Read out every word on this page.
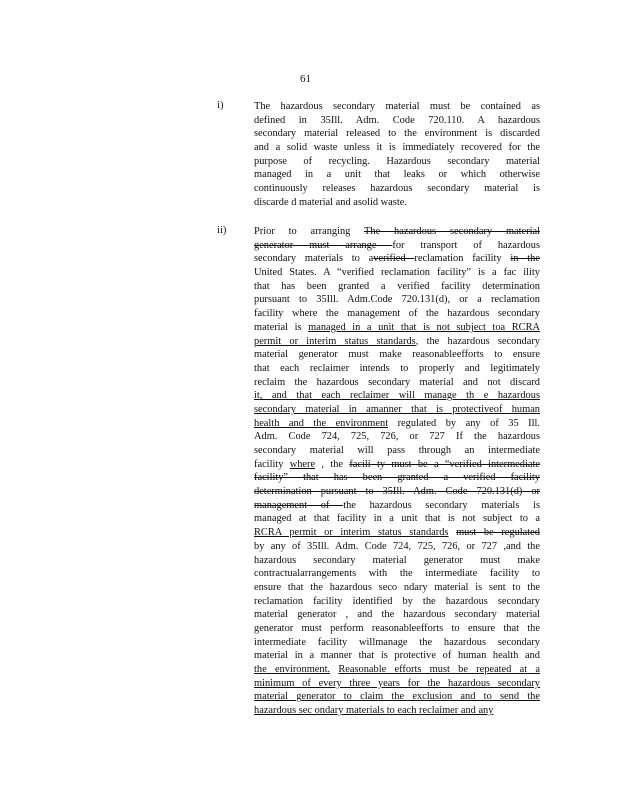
61
i)	The hazardous secondary material must be contained as
defined in 35Ill. Adm. Code 720.110. A hazardous
secondary material released to the environment is discarded
and a solid waste unless it is immediately recovered for the
purpose of recycling. Hazardous secondary material
managed in a unit that leaks or which otherwise
continuously releases hazardous secondary material is
discarde d material and asolid waste.
ii)	Prior to arranging The hazardous secondary material
generator must arrange for transport of hazardous
secondary materials to averified reclamation facility in the
United States. A “verified reclamation facility” is a fac ility
that has been granted a verified facility determination
pursuant to 35Ill. Adm.Code 720.131(d), or a reclamation
facility where the management of the hazardous secondary
material is managed in a unit that is not subject toa RCRA
permit or interim status standards, the hazardous secondary
material generator must make reasonableefforts to ensure
that each reclaimer intends to properly and legitimately
reclaim the hazardous secondary material and not discard
it, and that each reclaimer will manage th e hazardous
secondary material in amanner that is protectiveof human
health and the environment regulated by any of 35 Ill.
Adm. Code 724, 725, 726, or 727 If the hazardous
secondary material will pass through an intermediate
facility where , the facili ty must be a “verified intermediate
facility” that has been granted a verified facility
determination pursuant to 35Ill. Adm. Code 720.131(d) or
management of the hazardous secondary materials is
managed at that facility in a unit that is not subject to a
RCRA permit or interim status standards must be regulated
by any of 35Ill. Adm. Code 724, 725, 726, or 727 ,and the
hazardous secondary material generator must make
contractualarrangements with the intermediate facility to
ensure that the hazardous seco ndary material is sent to the
reclamation facility identified by the hazardous secondary
material generator , and the hazardous secondary material
generator must perform reasonableefforts to ensure that the
intermediate facility willmanage the hazardous secondary
material in a manner that is protective of human health and
the environment. Reasonable efforts must be repeated at a
minimum of every three years for the hazardous secondary
material generator to claim the exclusion and to send the
hazardous sec ondary materials to each reclaimer and any
